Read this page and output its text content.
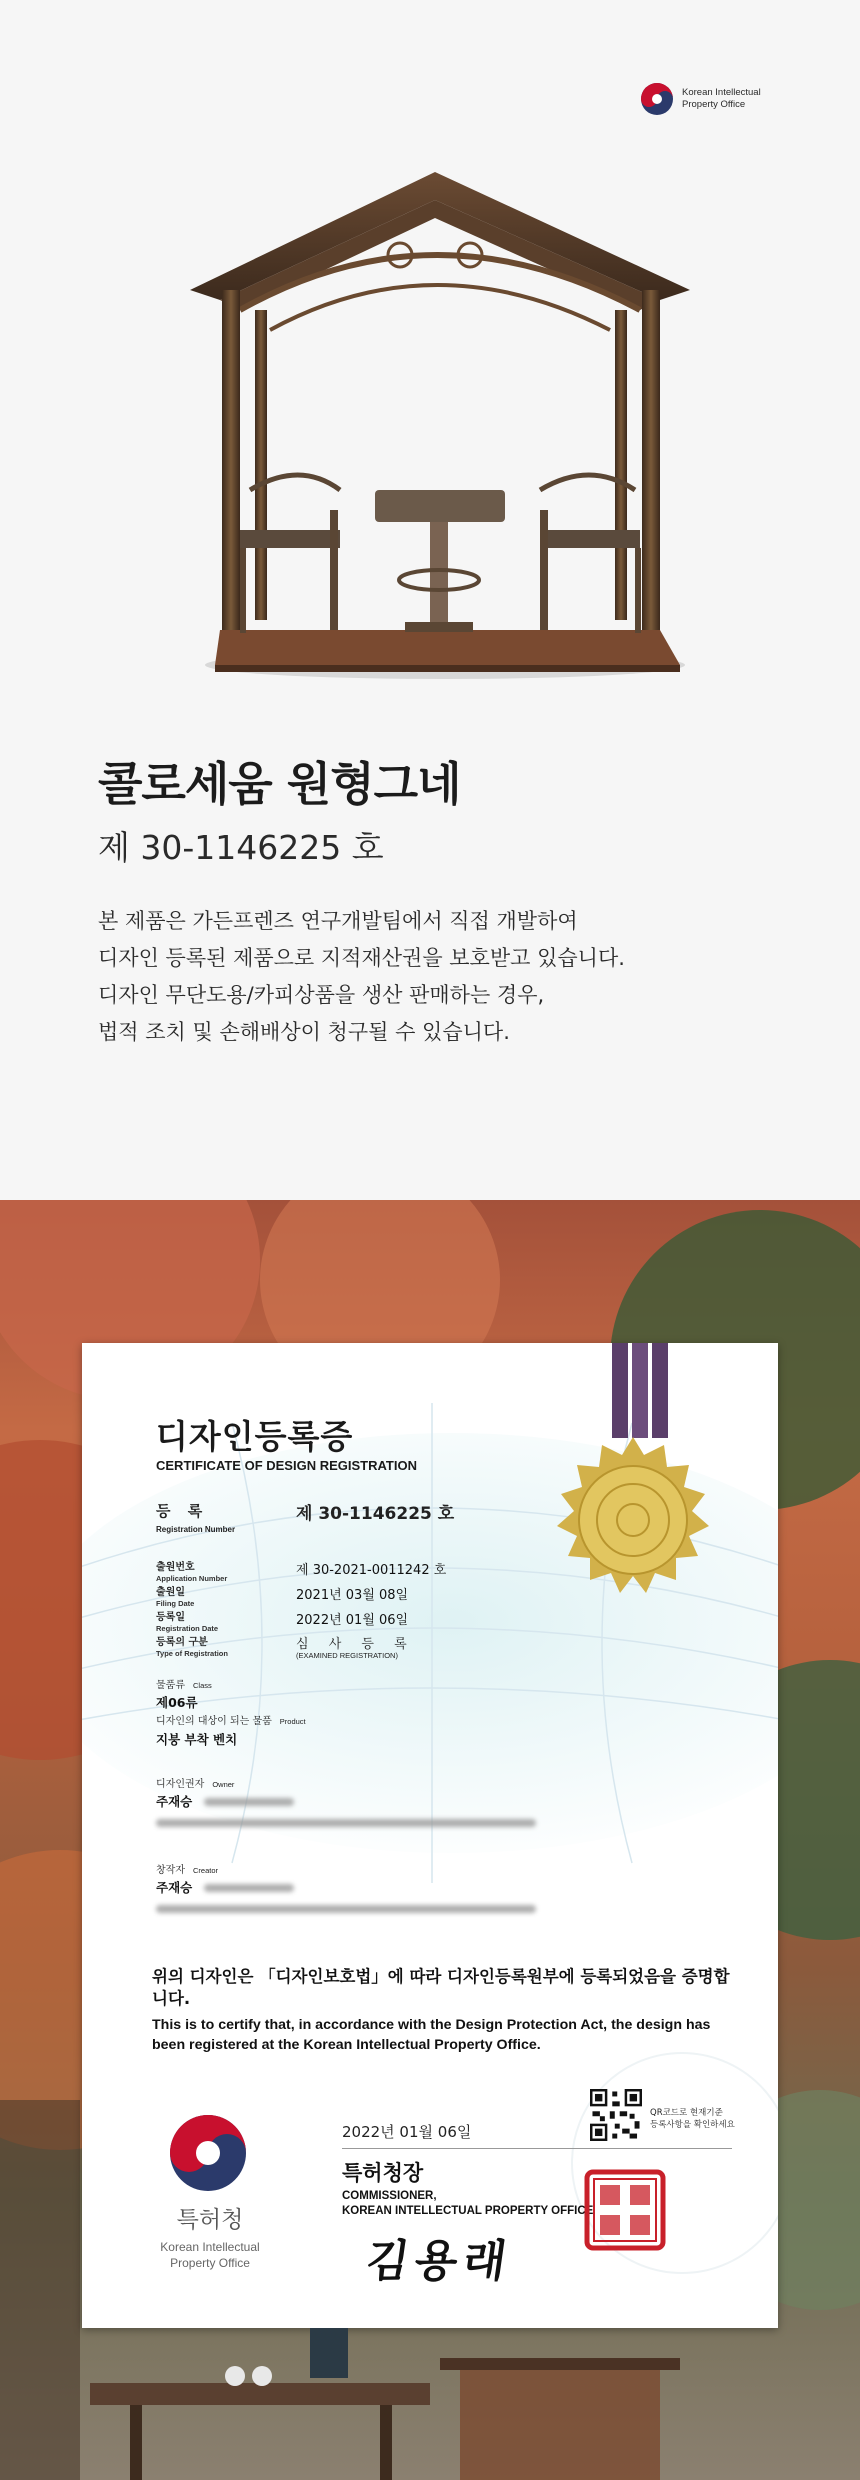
Korean Intellectual
Property Office
콜로세움 원형그네
제 30-1146225 호

본 제품은 가든프렌즈 연구개발팀에서 직접 개발하여

디자인 등록된 제품으로 지적재산권을 보호받고 있습니다.

디자인 무단도용/카피상품을 생산 판매하는 경우,

법적 조치 및 손해배상이 청구될 수 있습니다.

디자인등록증
CERTIFICATE OF DESIGN REGISTRATION
등 록
Registration Number
제 30-1146225 호
출원번호
Application Number
제 30-2021-0011242 호
출원일
Filing Date
2021년 03월 08일
등록일
Registration Date
2022년 01월 06일
등록의 구분
Type of Registration
심 사 등 록
(EXAMINED REGISTRATION)
물품류 Class
제06류
디자인의 대상이 되는 물품 Product
지붕 부착 벤치
디자인권자 Owner
주재승
창작자 Creator
주재승
위의 디자인은 「디자인보호법」에 따라 디자인등록원부에 등록되었음을 증명합니다.
This is to certify that, in accordance with the Design Protection Act, the design has been registered at the Korean Intellectual Property Office.
특허청
Korean Intellectual
Property Office
2022년 01월 06일
특허청장
COMMISSIONER,
KOREAN INTELLECTUAL PROPERTY OFFICE
김용래
QR코드로 현재기준
등록사항을 확인하세요
